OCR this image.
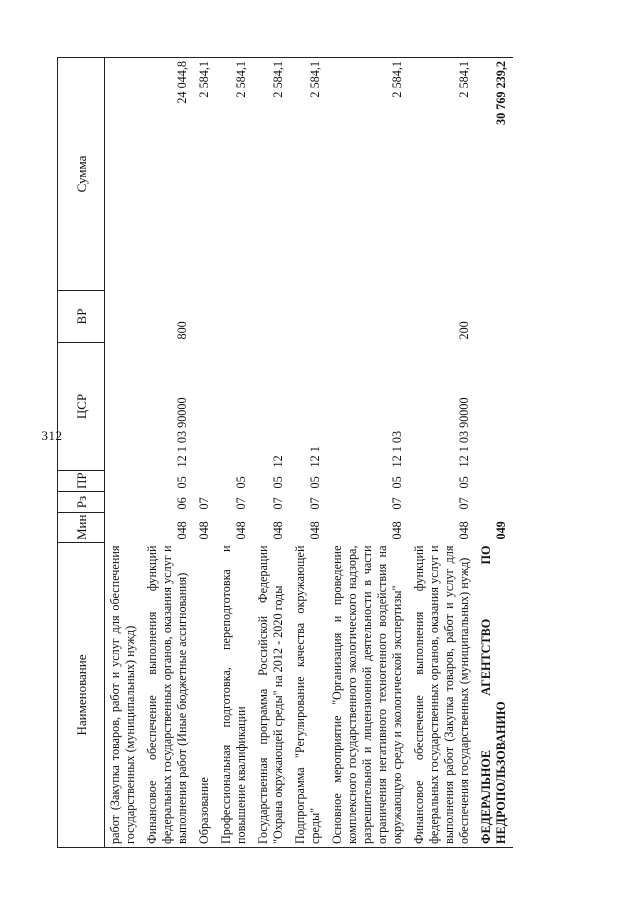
312
Наименование	Мин	Рз	ПР	ЦСР	ВР	Сумма
работ (Закупка товаров, работ и услуг для обеспечения государственных (муниципальных) нужд)						
Финансовое обеспечение выполнения функций федеральных государственных органов, оказания услуг и выполнения работ (Иные бюджетные ассигнования)	048	06	05	12 1 03 90000	800	24 044,8
Образование	048	07				2 584,1
Профессиональная подготовка, переподготовка и повышение квалификации	048	07	05			2 584,1
Государственная программа Российской Федерации "Охрана окружающей среды" на 2012 - 2020 годы	048	07	05	12		2 584,1
Подпрограмма "Регулирование качества окружающей среды"	048	07	05	12 1		2 584,1
Основное мероприятие "Организация и проведение комплексного государственного экологического надзора, разрешительной и лицензионной деятельности в части ограничения негативного техногенного воздействия на окружающую среду и экологической экспертизы"	048	07	05	12 1 03		2 584,1
Финансовое обеспечение выполнения функций федеральных государственных органов, оказания услуг и выполнения работ (Закупка товаров, работ и услуг для обеспечения государственных (муниципальных) нужд)	048	07	05	12 1 03 90000	200	2 584,1
ФЕДЕРАЛЬНОЕ АГЕНТСТВО ПО НЕДРОПОЛЬЗОВАНИЮ	049					30 769 239,2
